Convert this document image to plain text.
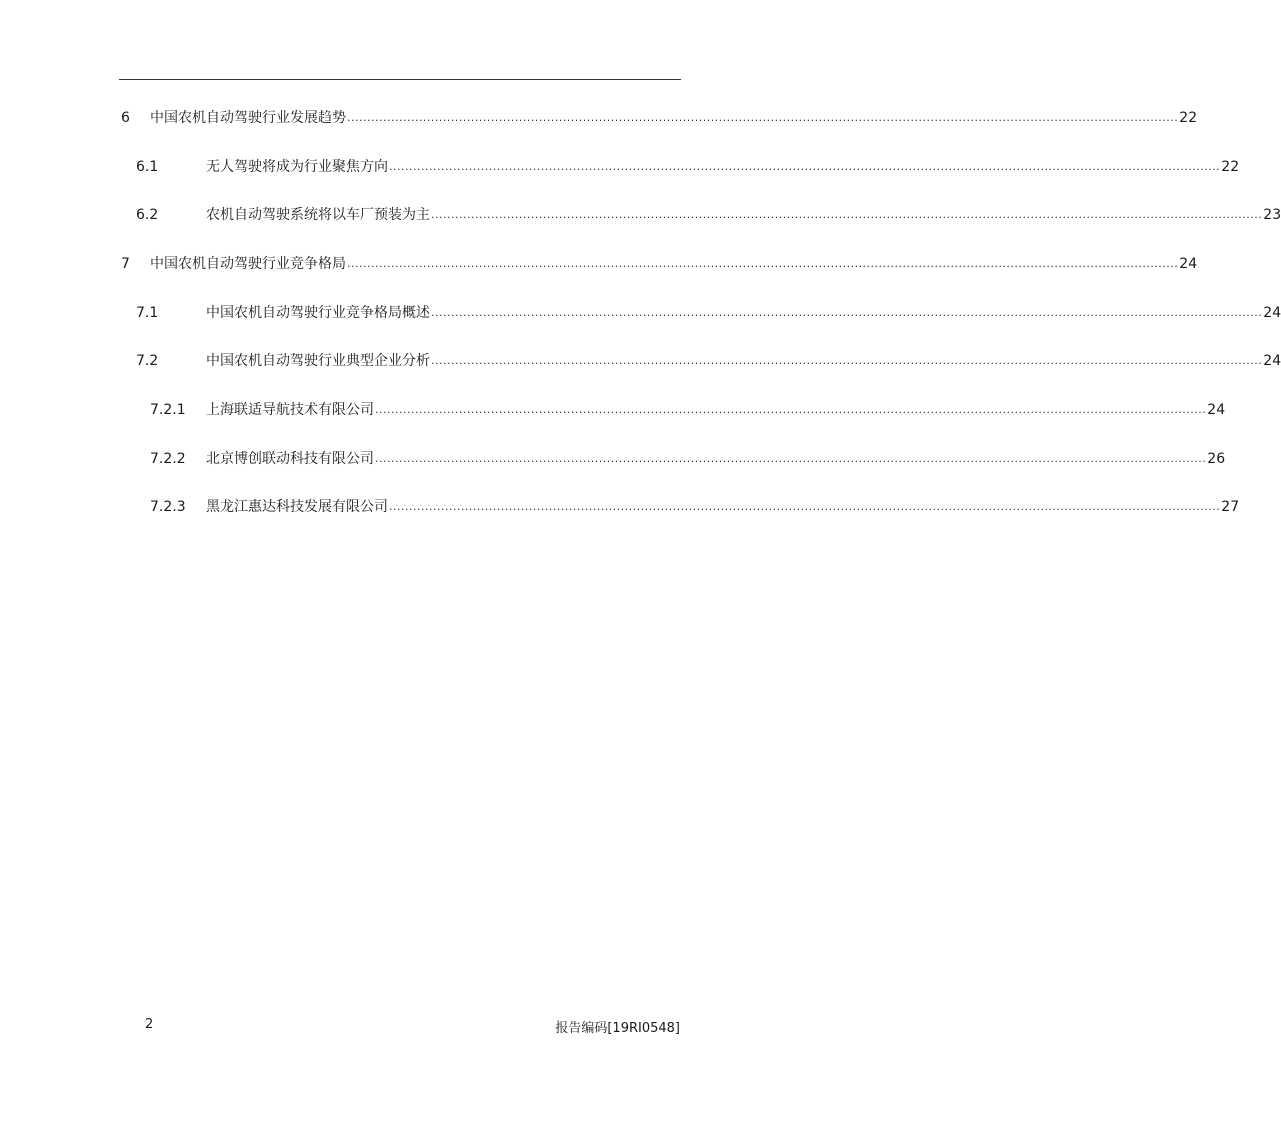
6 中国农机自动驾驶行业发展趋势 ................................................................................................................................................................................................................ 22
6.1	无人驾驶将成为行业聚焦方向 ................................................................................................................................................................................................................ 22
6.2	农机自动驾驶系统将以车厂预装为主 ................................................................................................................................................................................................................ 23
7 中国农机自动驾驶行业竞争格局 ................................................................................................................................................................................................................ 24
7.1	中国农机自动驾驶行业竞争格局概述 ................................................................................................................................................................................................................ 24
7.2	中国农机自动驾驶行业典型企业分析 ................................................................................................................................................................................................................ 24
7.2.1 上海联适导航技术有限公司 ................................................................................................................................................................................................................ 24
7.2.2 北京博创联动科技有限公司 ................................................................................................................................................................................................................ 26
7.2.3 黑龙江惠达科技发展有限公司 ................................................................................................................................................................................................................ 27
2	报告编码[19RI0548]
